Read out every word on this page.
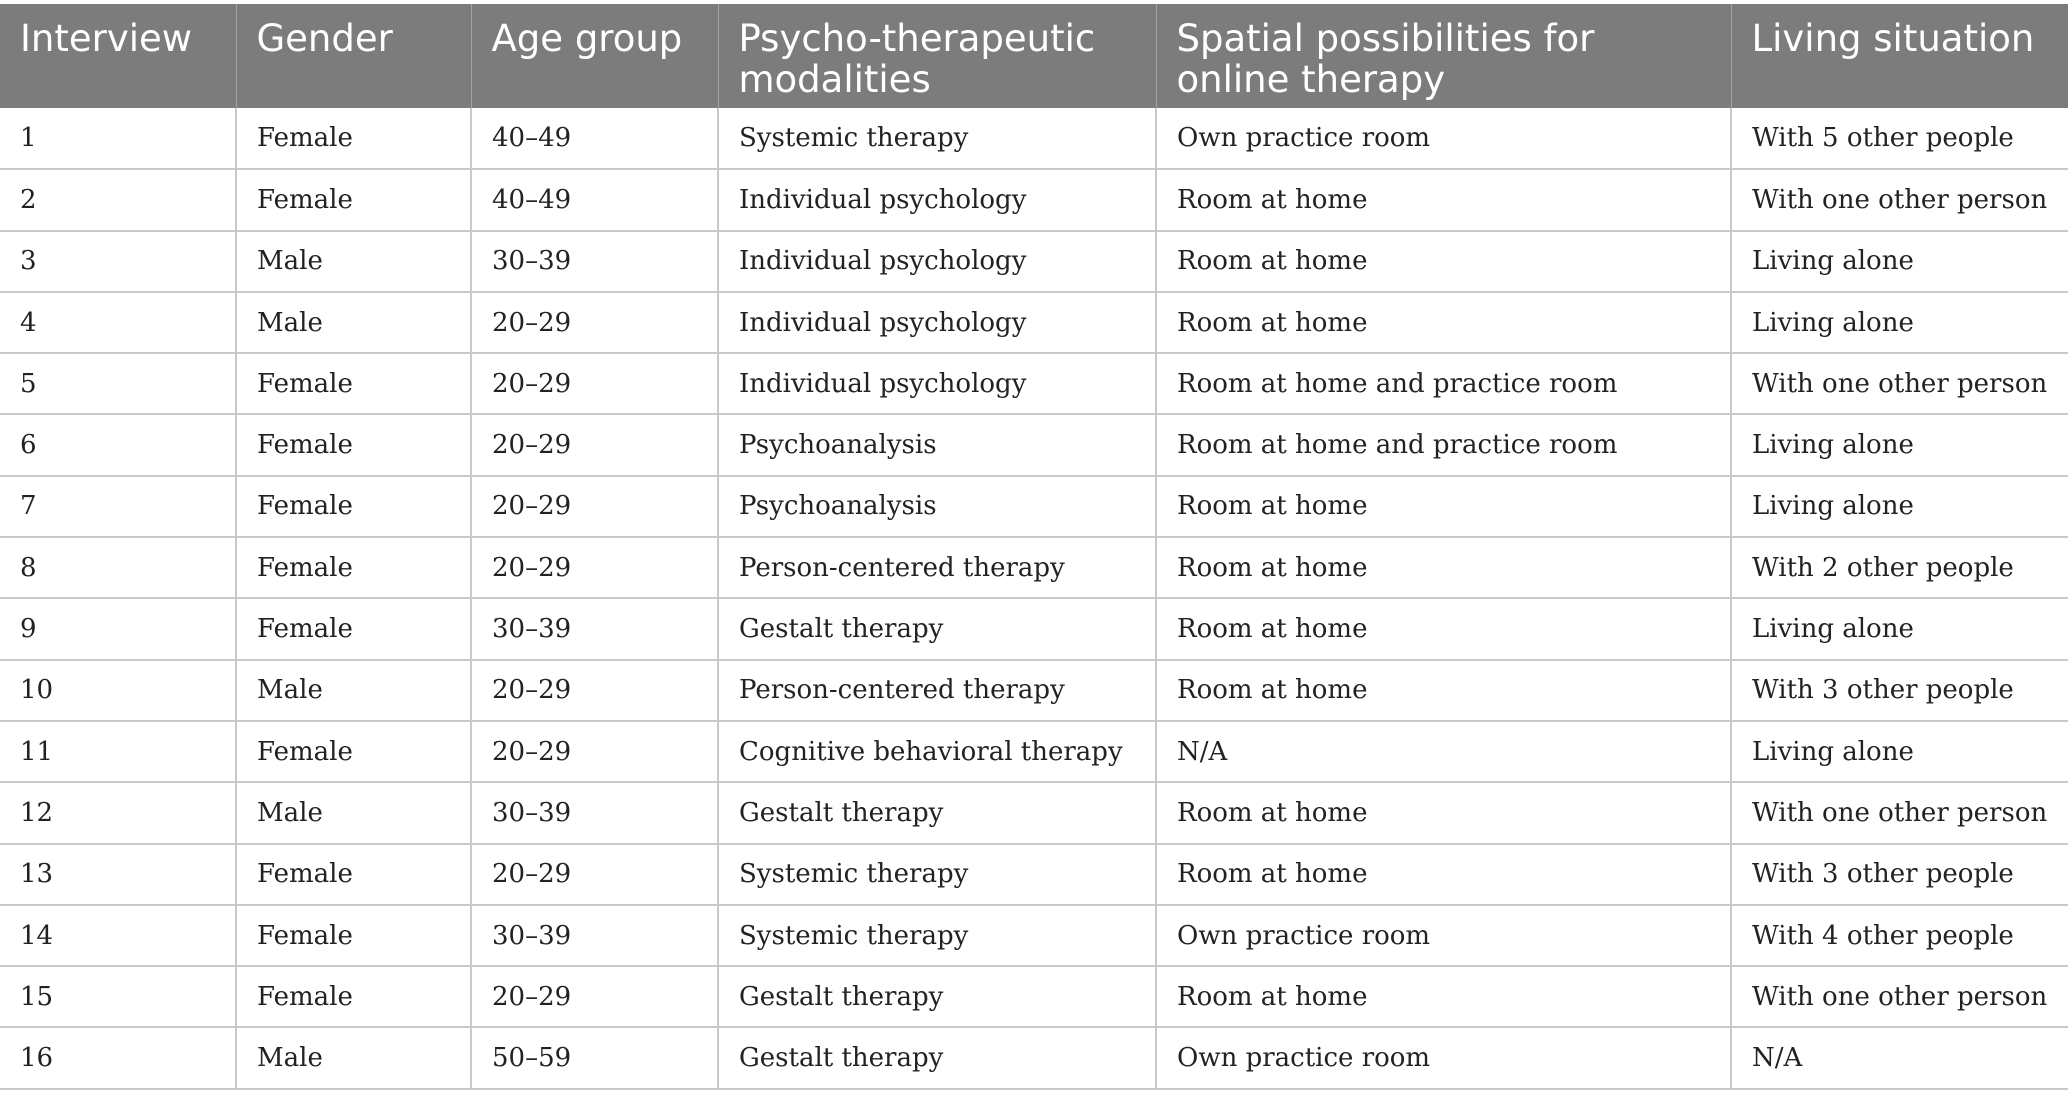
Interview	Gender	Age group	Psycho-therapeutic modalities	Spatial possibilities for online therapy	Living situation
1	Female	40–49	Systemic therapy	Own practice room	With 5 other people
2	Female	40–49	Individual psychology	Room at home	With one other person
3	Male	30–39	Individual psychology	Room at home	Living alone
4	Male	20–29	Individual psychology	Room at home	Living alone
5	Female	20–29	Individual psychology	Room at home and practice room	With one other person
6	Female	20–29	Psychoanalysis	Room at home and practice room	Living alone
7	Female	20–29	Psychoanalysis	Room at home	Living alone
8	Female	20–29	Person-centered therapy	Room at home	With 2 other people
9	Female	30–39	Gestalt therapy	Room at home	Living alone
10	Male	20–29	Person-centered therapy	Room at home	With 3 other people
11	Female	20–29	Cognitive behavioral therapy	N/A	Living alone
12	Male	30–39	Gestalt therapy	Room at home	With one other person
13	Female	20–29	Systemic therapy	Room at home	With 3 other people
14	Female	30–39	Systemic therapy	Own practice room	With 4 other people
15	Female	20–29	Gestalt therapy	Room at home	With one other person
16	Male	50–59	Gestalt therapy	Own practice room	N/A
